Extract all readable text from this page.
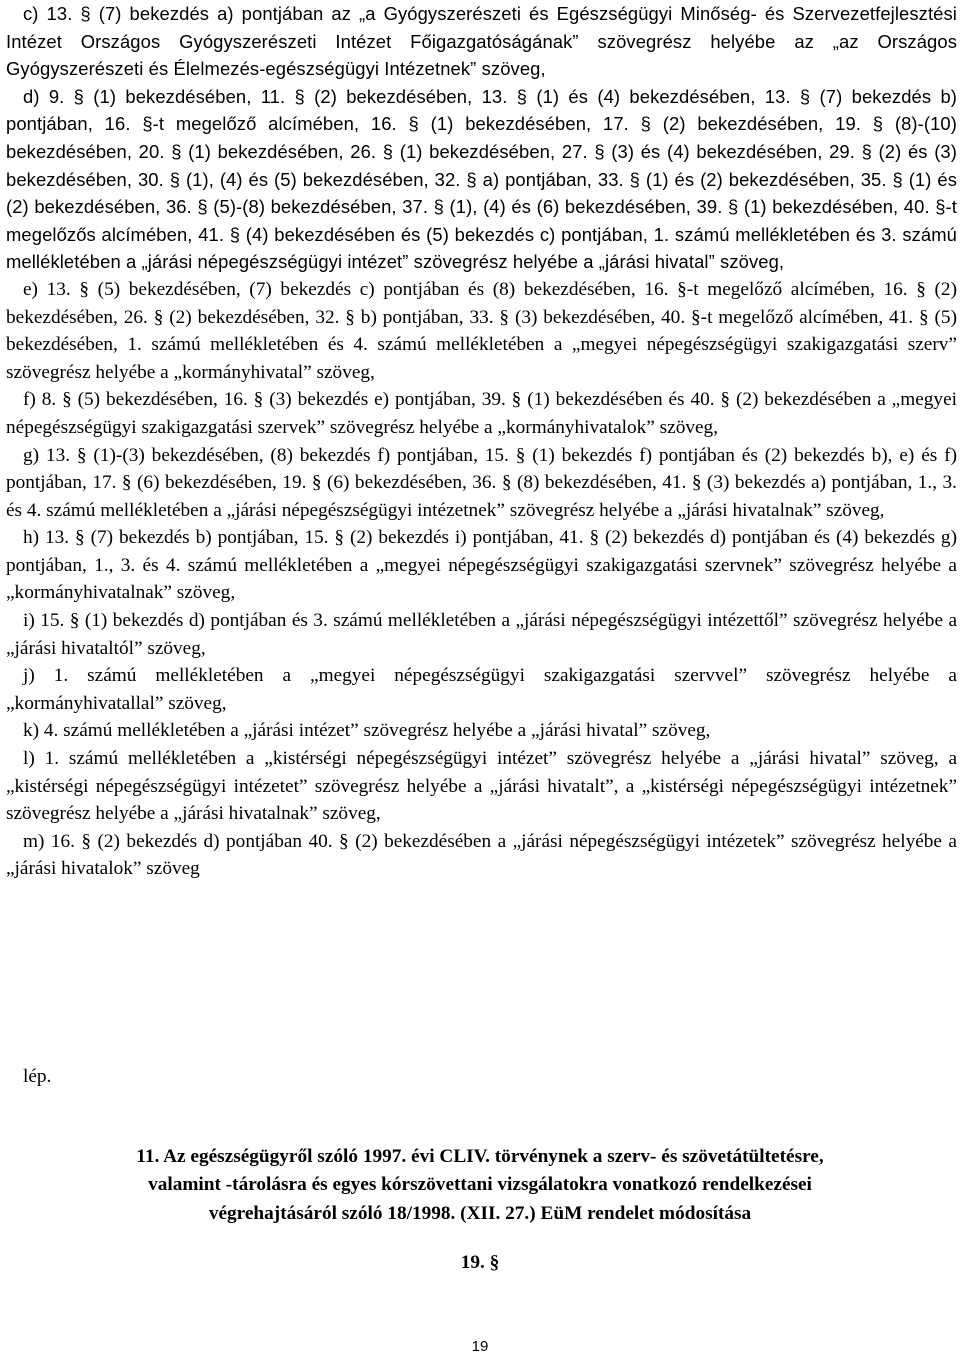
c) 13. § (7) bekezdés a) pontjában az „a Gyógyszerészeti és Egészségügyi Minőség- és Szervezetfejlesztési Intézet Országos Gyógyszerészeti Intézet Főigazgatóságának” szövegrész helyébe az „az Országos Gyógyszerészeti és Élelmezés-egészségügyi Intézetnek” szöveg,

d) 9. § (1) bekezdésében, 11. § (2) bekezdésében, 13. § (1) és (4) bekezdésében, 13. § (7) bekezdés b) pontjában, 16. §-t megelőző alcímében, 16. § (1) bekezdésében, 17. § (2) bekezdésében, 19. § (8)-(10) bekezdésében, 20. § (1) bekezdésében, 26. § (1) bekezdésében, 27. § (3) és (4) bekezdésében, 29. § (2) és (3) bekezdésében, 30. § (1), (4) és (5) bekezdésében, 32. § a) pontjában, 33. § (1) és (2) bekezdésében, 35. § (1) és (2) bekezdésében, 36. § (5)-(8) bekezdésében, 37. § (1), (4) és (6) bekezdésében, 39. § (1) bekezdésében, 40. §-t megelőzős alcímében, 41. § (4) bekezdésében és (5) bekezdés c) pontjában, 1. számú mellékletében és 3. számú mellékletében a „járási népegészségügyi intézet” szövegrész helyébe a „járási hivatal” szöveg,

e) 13. § (5) bekezdésében, (7) bekezdés c) pontjában és (8) bekezdésében, 16. §-t megelőző alcímében, 16. § (2) bekezdésében, 26. § (2) bekezdésében, 32. § b) pontjában, 33. § (3) bekezdésében, 40. §-t megelőző alcímében, 41. § (5) bekezdésében, 1. számú mellékletében és 4. számú mellékletében a „megyei népegészségügyi szakigazgatási szerv” szövegrész helyébe a „kormányhivatal” szöveg,

f) 8. § (5) bekezdésében, 16. § (3) bekezdés e) pontjában, 39. § (1) bekezdésében és 40. § (2) bekezdésében a „megyei népegészségügyi szakigazgatási szervek” szövegrész helyébe a „kormányhivatalok” szöveg,

g) 13. § (1)-(3) bekezdésében, (8) bekezdés f) pontjában, 15. § (1) bekezdés f) pontjában és (2) bekezdés b), e) és f) pontjában, 17. § (6) bekezdésében, 19. § (6) bekezdésében, 36. § (8) bekezdésében, 41. § (3) bekezdés a) pontjában, 1., 3. és 4. számú mellékletében a „járási népegészségügyi intézetnek” szövegrész helyébe a „járási hivatalnak” szöveg,

h) 13. § (7) bekezdés b) pontjában, 15. § (2) bekezdés i) pontjában, 41. § (2) bekezdés d) pontjában és (4) bekezdés g) pontjában, 1., 3. és 4. számú mellékletében a „megyei népegészségügyi szakigazgatási szervnek” szövegrész helyébe a „kormányhivatalnak” szöveg,

i) 15. § (1) bekezdés d) pontjában és 3. számú mellékletében a „járási népegészségügyi intézettől” szövegrész helyébe a „járási hivataltól” szöveg,

j) 1. számú mellékletében a „megyei népegészségügyi szakigazgatási szervvel” szövegrész helyébe a „kormányhivatallal” szöveg,

k) 4. számú mellékletében a „járási intézet” szövegrész helyébe a „járási hivatal” szöveg,

l) 1. számú mellékletében a „kistérségi népegészségügyi intézet” szövegrész helyébe a „járási hivatal” szöveg, a „kistérségi népegészségügyi intézetet” szövegrész helyébe a „járási hivatalt”, a „kistérségi népegészségügyi intézetnek” szövegrész helyébe a „járási hivatalnak” szöveg,

m) 16. § (2) bekezdés d) pontjában 40. § (2) bekezdésében a „járási népegészségügyi intézetek” szövegrész helyébe a „járási hivatalok” szöveg

lép.
11. Az egészségügyről szóló 1997. évi CLIV. törvénynek a szerv- és szövetátültetésre,
valamint -tárolásra és egyes kórszövettani vizsgálatokra vonatkozó rendelkezései
végrehajtásáról szóló 18/1998. (XII. 27.) EüM rendelet módosítása
19. §
19
